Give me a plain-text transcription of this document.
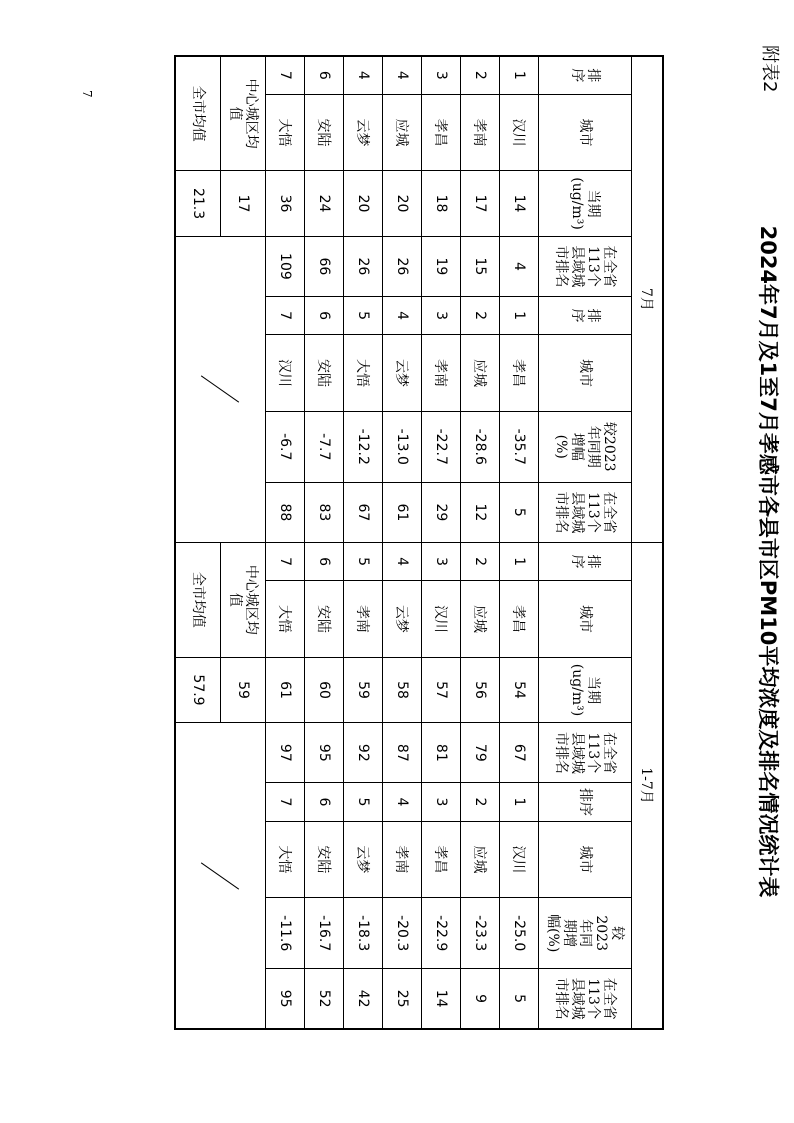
附表2
2024年7月及1至7月孝感市各县市区PM10平均浓度及排名情况统计表
7月								1-7月							
排
序	城市	当期
(ug/m³)	在全省
113个
县域城
市排名	排
序	城市	较2023
年同期
增幅
(%)	在全省
113个
县域城
市排名	排
序	城市	当期
(ug/m³)	在全省
113个
县域城
市排名	排序	城市	较
2023
年同
期增
幅(%)	在全省
113个
县域城
市排名
1	汉川	14	4	1	孝昌	-35.7	5	1	孝昌	54	67	1	汉川	-25.0	5
2	孝南	17	15	2	应城	-28.6	12	2	应城	56	79	2	应城	-23.3	9
3	孝昌	18	19	3	孝南	-22.7	29	3	汉川	57	81	3	孝昌	-22.9	14
4	应城	20	26	4	云梦	-13.0	61	4	云梦	58	87	4	孝南	-20.3	25
4	云梦	20	26	5	大悟	-12.2	67	5	孝南	59	92	5	云梦	-18.3	42
6	安陆	24	66	6	安陆	-7.7	83	6	安陆	60	95	6	安陆	-16.7	52
7	大悟	36	109	7	汉川	-6.7	88	7	大悟	61	97	7	大悟	-11.6	95
中心城区均
值		17						中心城区均
值		59					

全市均值		21.3						全市均值		57.9					
7
